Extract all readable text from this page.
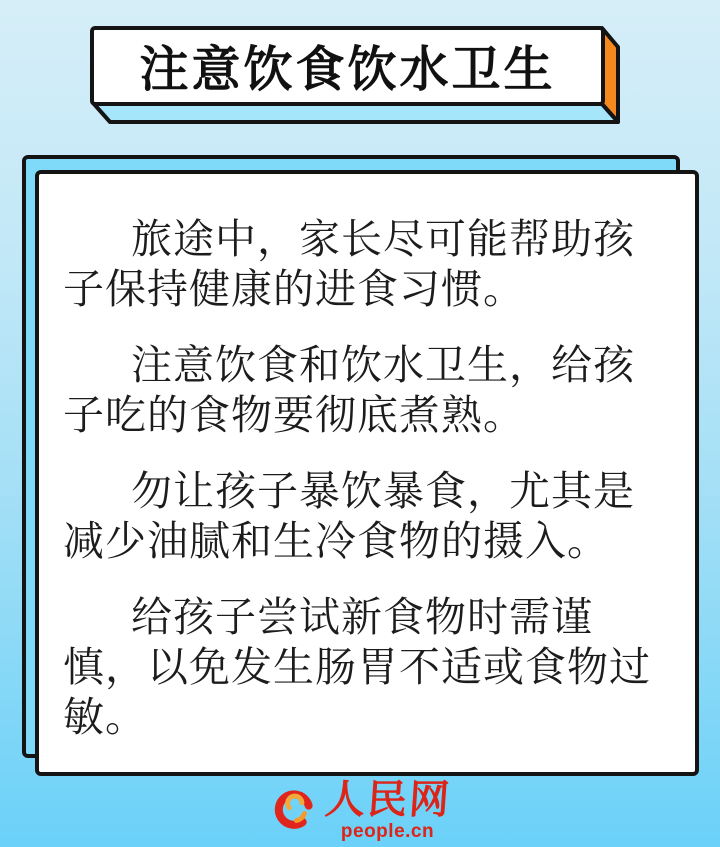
注意饮食饮水卫生

旅途中，家长尽可能帮助孩子保持健康的进食习惯。

注意饮食和饮水卫生，给孩子吃的食物要彻底煮熟。

勿让孩子暴饮暴食，尤其是减少油腻和生冷食物的摄入。

给孩子尝试新食物时需谨慎，以免发生肠胃不适或食物过敏。

人民网
people.cn
